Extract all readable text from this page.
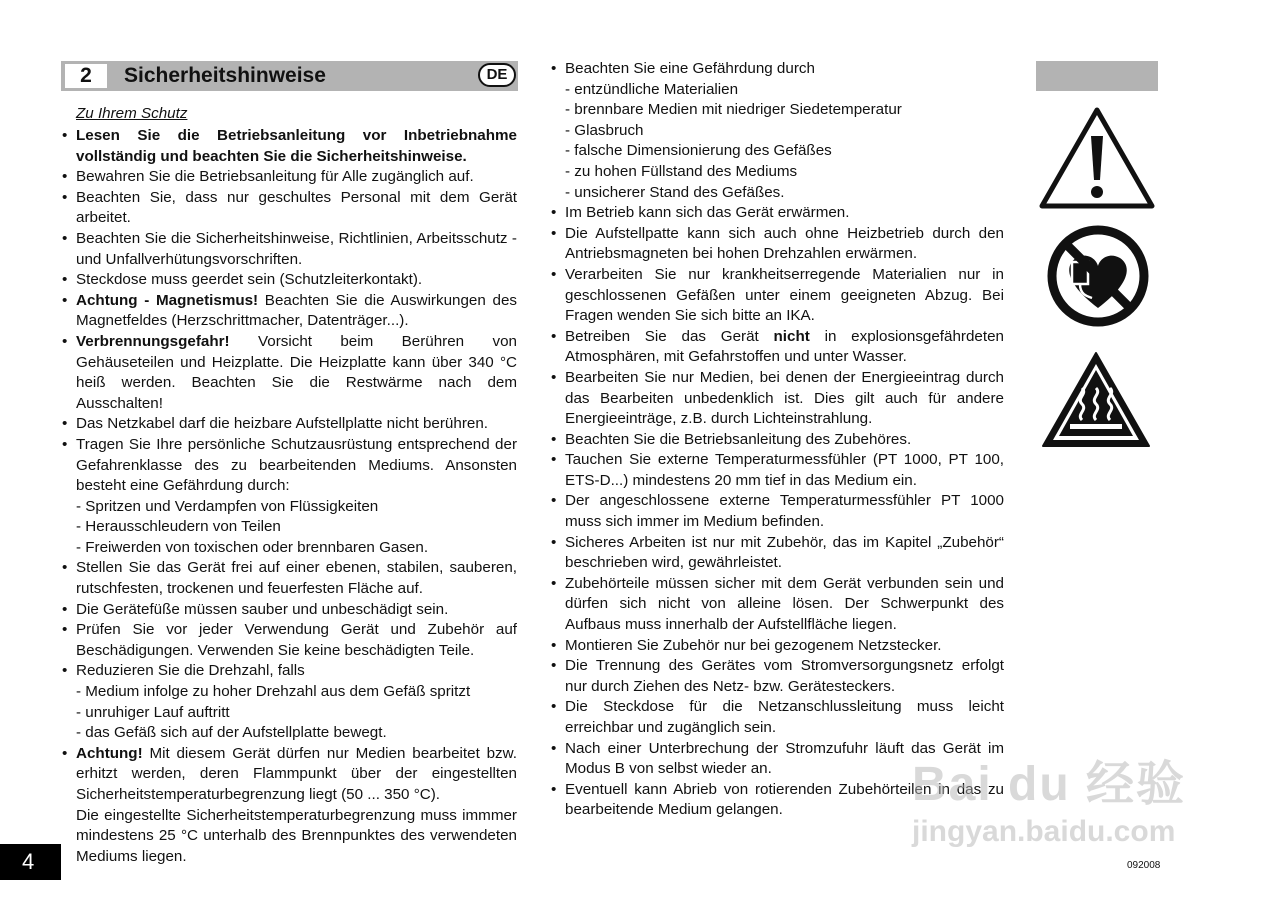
2	Sicherheitshinweise	DE
Zu Ihrem Schutz
• Lesen Sie die Betriebsanleitung vor Inbetriebnahme vollständig und beachten Sie die Sicherheitshinweise.
• Bewahren Sie die Betriebsanleitung für Alle zugänglich auf.
• Beachten Sie, dass nur geschultes Personal mit dem Gerät arbeitet.
• Beachten Sie die Sicherheitshinweise, Richtlinien, Arbeitsschutz -und Unfallverhütungsvorschriften.
• Steckdose muss geerdet sein (Schutzleiterkontakt).
• Achtung - Magnetismus! Beachten Sie die Auswirkungen des Magnetfeldes (Herzschrittmacher, Datenträger...).
• Verbrennungsgefahr! Vorsicht beim Berühren von Gehäuseteilen und Heizplatte. Die Heizplatte kann über 340 °C heiß werden. Beachten Sie die Restwärme nach dem Ausschalten!
• Das Netzkabel darf die heizbare Aufstellplatte nicht berühren.
• Tragen Sie Ihre persönliche Schutzausrüstung entsprechend der Gefahrenklasse des zu bearbeitenden Mediums. Ansonsten besteht eine Gefährdung durch:
- Spritzen und Verdampfen von Flüssigkeiten
- Herausschleudern von Teilen
- Freiwerden von toxischen oder brennbaren Gasen.
• Stellen Sie das Gerät frei auf einer ebenen, stabilen, sauberen, rutschfesten, trockenen und feuerfesten Fläche auf.
• Die Gerätefüße müssen sauber und unbeschädigt sein.
• Prüfen Sie vor jeder Verwendung Gerät und Zubehör auf Beschädigungen. Verwenden Sie keine beschädigten Teile.
• Reduzieren Sie die Drehzahl, falls
- Medium infolge zu hoher Drehzahl aus dem Gefäß spritzt
- unruhiger Lauf auftritt
- das Gefäß sich auf der Aufstellplatte bewegt.
• Achtung! Mit diesem Gerät dürfen nur Medien bearbeitet bzw. erhitzt werden, deren Flammpunkt über der eingestellten Sicherheitstemperaturbegrenzung liegt (50 ... 350 °C).
Die eingestellte Sicherheitstemperaturbegrenzung muss immmer mindestens 25 °C unterhalb des Brennpunktes des verwendeten Mediums liegen.
• Beachten Sie eine Gefährdung durch
- entzündliche Materialien
- brennbare Medien mit niedriger Siedetemperatur
- Glasbruch
- falsche Dimensionierung des Gefäßes
- zu hohen Füllstand des Mediums
- unsicherer Stand des Gefäßes.
• Im Betrieb kann sich das Gerät erwärmen.
• Die Aufstellpatte kann sich auch ohne Heizbetrieb durch den Antriebsmagneten bei hohen Drehzahlen erwärmen.
• Verarbeiten Sie nur krankheitserregende Materialien nur in geschlossenen Gefäßen unter einem geeigneten Abzug. Bei Fragen wenden Sie sich bitte an IKA.
• Betreiben Sie das Gerät nicht in explosionsgefährdeten Atmosphären, mit Gefahrstoffen und unter Wasser.
• Bearbeiten Sie nur Medien, bei denen der Energieeintrag durch das Bearbeiten unbedenklich ist. Dies gilt auch für andere Energieeinträge, z.B. durch Lichteinstrahlung.
• Beachten Sie die Betriebsanleitung des Zubehöres.
• Tauchen Sie externe Temperaturmessfühler (PT 1000, PT 100, ETS-D...) mindestens 20 mm tief in das Medium ein.
• Der angeschlossene externe Temperaturmessfühler PT 1000 muss sich immer im Medium befinden.
• Sicheres Arbeiten ist nur mit Zubehör, das im Kapitel „Zubehör“ beschrieben wird, gewährleistet.
• Zubehörteile müssen sicher mit dem Gerät verbunden sein und dürfen sich nicht von alleine lösen. Der Schwerpunkt des Aufbaus muss innerhalb der Aufstellfläche liegen.
• Montieren Sie Zubehör nur bei gezogenem Netzstecker.
• Die Trennung des Gerätes vom Stromversorgungsnetz erfolgt nur durch Ziehen des Netz- bzw. Gerätesteckers.
• Die Steckdose für die Netzanschlussleitung muss leicht erreichbar und zugänglich sein.
• Nach einer Unterbrechung der Stromzufuhr läuft das Gerät im Modus B von selbst wieder an.
• Eventuell kann Abrieb von rotierenden Zubehörteilen in das zu bearbeitende Medium gelangen.	Bai du 经验
jingyan.baidu.com
4	092008
